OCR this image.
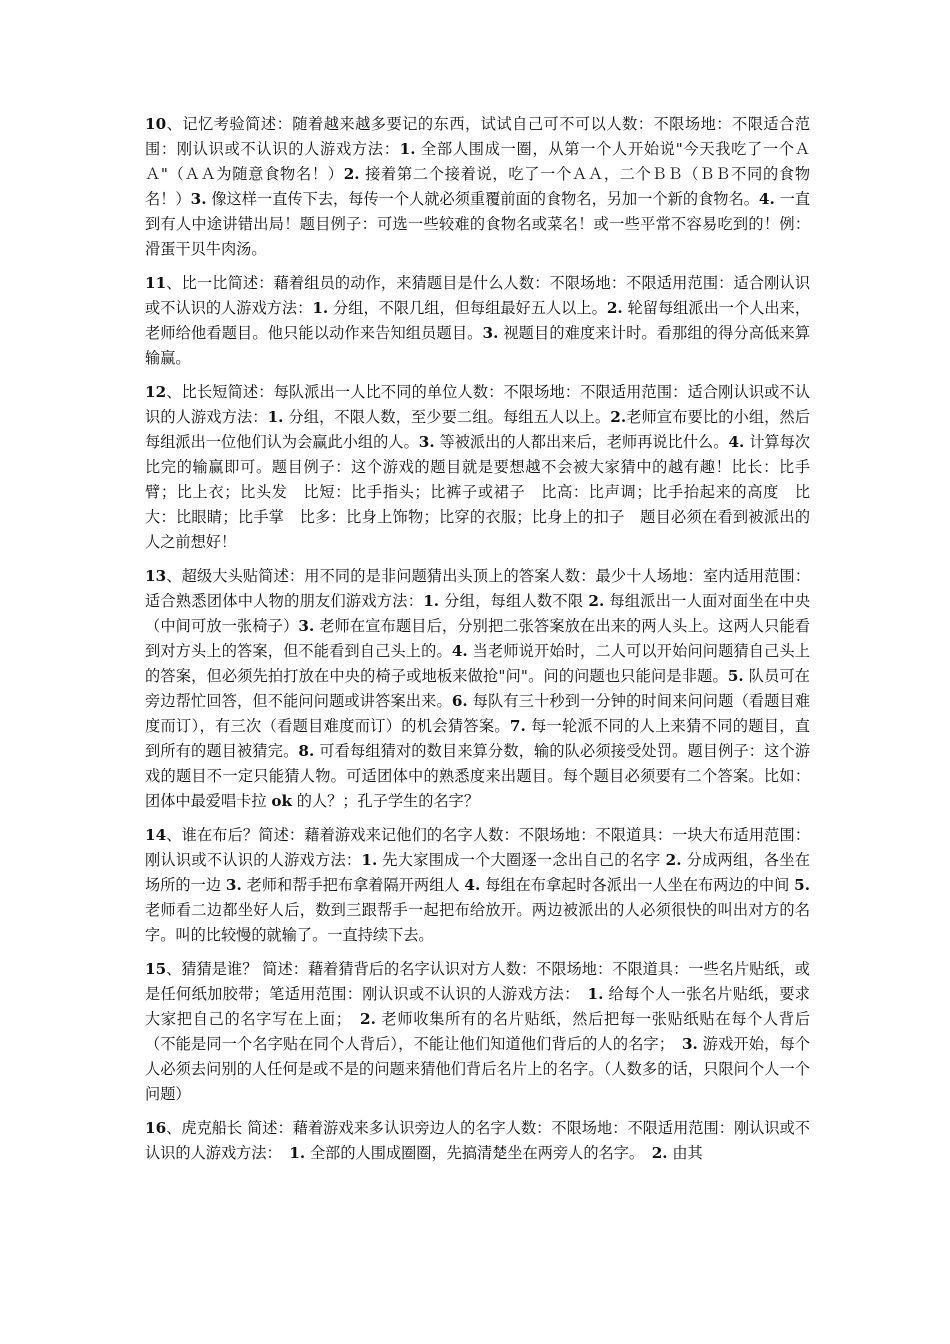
10、记忆考验简述：随着越来越多要记的东西，试试自己可不可以人数：不限场地：不限适合范围：刚认识或不认识的人游戏方法：1. 全部人围成一圈，从第一个人开始说"今天我吃了一个ＡＡ"（ＡＡ为随意食物名！）2. 接着第二个接着说，吃了一个ＡＡ，二个ＢＢ（ＢＢ不同的食物名！）3. 像这样一直传下去，每传一个人就必须重覆前面的食物名，另加一个新的食物名。4. 一直到有人中途讲错出局！题目例子：可选一些较难的食物名或菜名！或一些平常不容易吃到的！例：滑蛋干贝牛肉汤。

11、比一比简述：藉着组员的动作，来猜题目是什么人数：不限场地：不限适用范围：适合刚认识或不认识的人游戏方法：1. 分组，不限几组，但每组最好五人以上。2. 轮留每组派出一个人出来，老师给他看题目。他只能以动作来告知组员题目。3. 视题目的难度来计时。看那组的得分高低来算输赢。

12、比长短简述：每队派出一人比不同的单位人数：不限场地：不限适用范围：适合刚认识或不认识的人游戏方法：1. 分组，不限人数，至少要二组。每组五人以上。2.老师宣布要比的小组，然后每组派出一位他们认为会赢此小组的人。3. 等被派出的人都出来后，老师再说比什么。4. 计算每次比完的输赢即可。题目例子：这个游戏的题目就是要想越不会被大家猜中的越有趣！比长：比手臂；比上衣；比头发　比短：比手指头；比裤子或裙子　比高：比声调；比手抬起来的高度　比大：比眼睛；比手掌　比多：比身上饰物；比穿的衣服；比身上的扣子　题目必须在看到被派出的人之前想好！

13、超级大头贴简述：用不同的是非问题猜出头顶上的答案人数：最少十人场地：室内适用范围：适合熟悉团体中人物的朋友们游戏方法：1. 分组，每组人数不限 2. 每组派出一人面对面坐在中央（中间可放一张椅子）3. 老师在宣布题目后，分别把二张答案放在出来的两人头上。这两人只能看到对方头上的答案，但不能看到自己头上的。4. 当老师说开始时，二人可以开始问问题猜自己头上的答案，但必须先拍打放在中央的椅子或地板来做抢"问"。问的问题也只能问是非题。5. 队员可在旁边帮忙回答，但不能问问题或讲答案出来。6. 每队有三十秒到一分钟的时间来问问题（看题目难度而订），有三次（看题目难度而订）的机会猜答案。7. 每一轮派不同的人上来猜不同的题目，直到所有的题目被猜完。8. 可看每组猜对的数目来算分数，输的队必须接受处罚。题目例子：这个游戏的题目不一定只能猜人物。可适团体中的熟悉度来出题目。每个题目必须要有二个答案。比如：团体中最爱唱卡拉 ok 的人？；孔子学生的名字？

14、谁在布后？简述：藉着游戏来记他们的名字人数：不限场地：不限道具：一块大布适用范围：刚认识或不认识的人游戏方法：1. 先大家围成一个大圈逐一念出自己的名字 2. 分成两组，各坐在场所的一边 3. 老师和帮手把布拿着隔开两组人 4. 每组在布拿起时各派出一人坐在布两边的中间 5. 老师看二边都坐好人后，数到三跟帮手一起把布给放开。两边被派出的人必须很快的叫出对方的名字。叫的比较慢的就输了。一直持续下去。

15、猜猜是谁？ 简述：藉着猜背后的名字认识对方人数：不限场地：不限道具：一些名片贴纸，或是任何纸加胶带；笔适用范围：刚认识或不认识的人游戏方法：　1. 给每个人一张名片贴纸，要求大家把自己的名字写在上面；　2. 老师收集所有的名片贴纸，然后把每一张贴纸贴在每个人背后（不能是同一个名字贴在同个人背后），不能让他们知道他们背后的人的名字；　3. 游戏开始，每个人必须去问别的人任何是或不是的问题来猜他们背后名片上的名字。（人数多的话，只限问个人一个问题）

16、虎克船长 简述：藉着游戏来多认识旁边人的名字人数：不限场地：不限适用范围：刚认识或不认识的人游戏方法：　1. 全部的人围成圈圈，先搞清楚坐在两旁人的名字。　2. 由其
